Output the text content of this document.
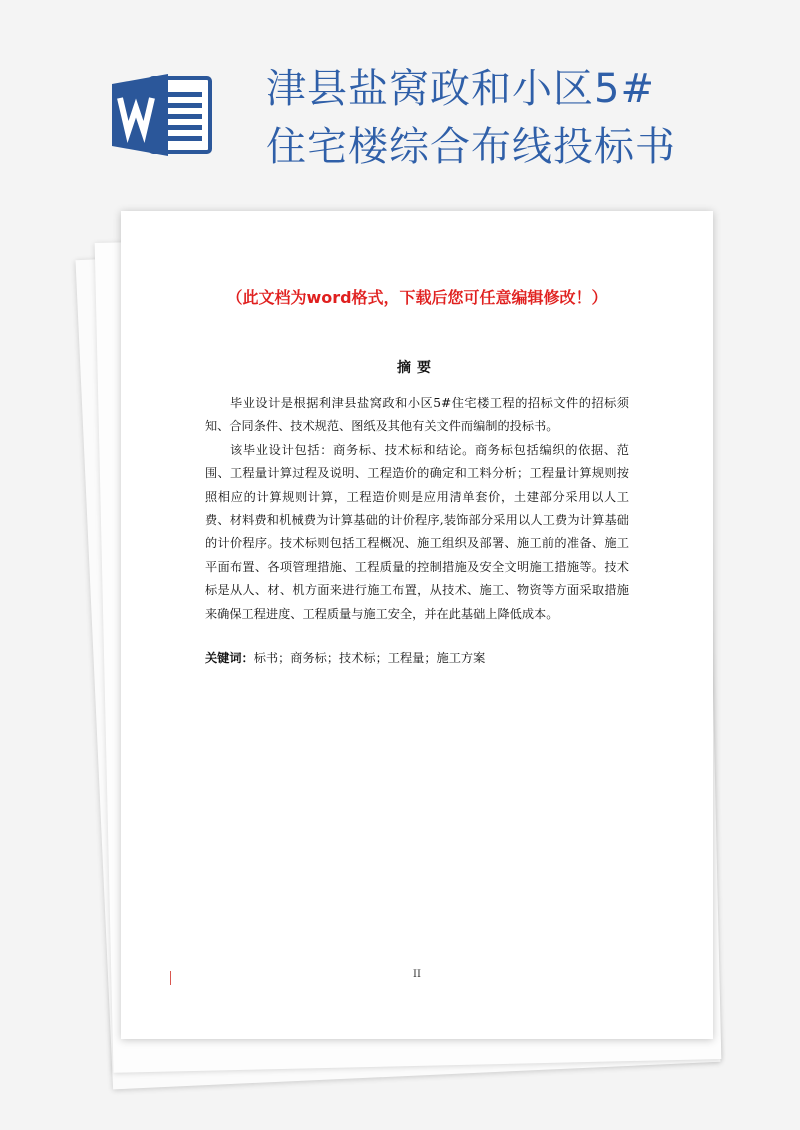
津县盐窝政和小区5#
住宅楼综合布线投标书
（此文档为word格式，下载后您可任意编辑修改！）
摘要

毕业设计是根据利津县盐窝政和小区5#住宅楼工程的招标文件的招标须知、合同条件、技术规范、图纸及其他有关文件而编制的投标书。

该毕业设计包括：商务标、技术标和结论。商务标包括编织的依据、范围、工程量计算过程及说明、工程造价的确定和工料分析；工程量计算规则按照相应的计算规则计算，工程造价则是应用清单套价，土建部分采用以人工费、材料费和机械费为计算基础的计价程序,装饰部分采用以人工费为计算基础的计价程序。技术标则包括工程概况、施工组织及部署、施工前的准备、施工平面布置、各项管理措施、工程质量的控制措施及安全文明施工措施等。技术标是从人、材、机方面来进行施工布置，从技术、施工、物资等方面采取措施来确保工程进度、工程质量与施工安全，并在此基础上降低成本。

关键词：标书；商务标；技术标；工程量；施工方案
II
